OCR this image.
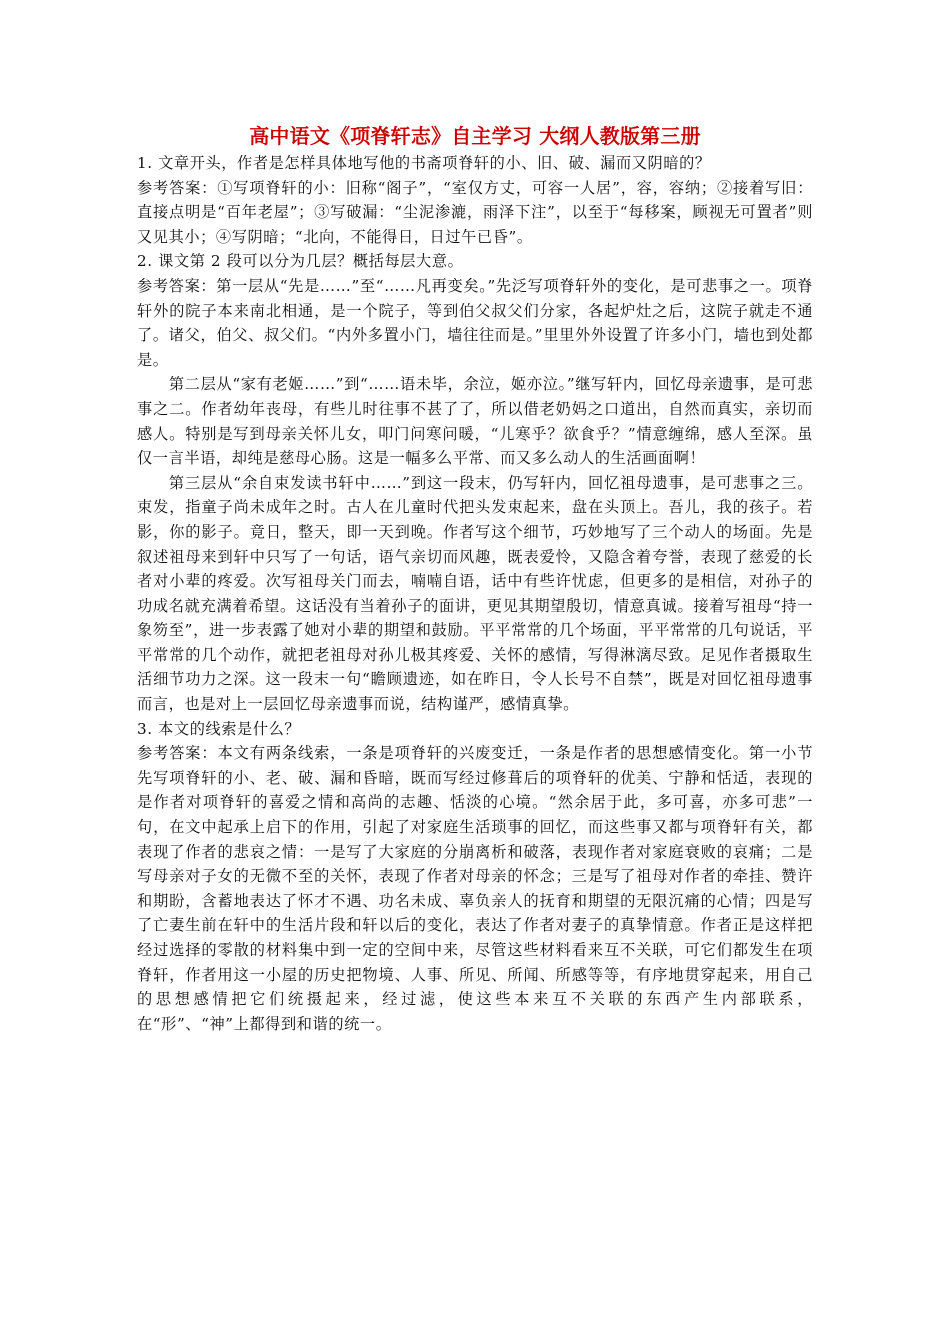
高中语文《项脊轩志》自主学习 大纲人教版第三册

1. 文章开头，作者是怎样具体地写他的书斋项脊轩的小、旧、破、漏而又阴暗的？

参考答案：①写项脊轩的小：旧称“阁子”，“室仅方丈，可容一人居”，容，容纳；②接着写旧：直接点明是“百年老屋”；③写破漏：“尘泥渗漉，雨泽下注”，以至于“每移案，顾视无可置者”则又见其小；④写阴暗；“北向，不能得日，日过午已昏”。

2. 课文第 2 段可以分为几层？概括每层大意。

参考答案：第一层从“先是……”至“……凡再变矣。”先泛写项脊轩外的变化，是可悲事之一。项脊轩外的院子本来南北相通，是一个院子，等到伯父叔父们分家，各起炉灶之后，这院子就走不通了。诸父，伯父、叔父们。“内外多置小门，墙往往而是。”里里外外设置了许多小门，墙也到处都是。

第二层从“家有老姬……”到“……语未毕，余泣，姬亦泣。”继写轩内，回忆母亲遗事，是可悲事之二。作者幼年丧母，有些儿时往事不甚了了，所以借老奶妈之口道出，自然而真实，亲切而感人。特别是写到母亲关怀儿女，叩门问寒问暖，“儿寒乎？欲食乎？”情意缠绵，感人至深。虽仅一言半语，却纯是慈母心肠。这是一幅多么平常、而又多么动人的生活画面啊！

第三层从“余自束发读书轩中……”到这一段末，仍写轩内，回忆祖母遗事，是可悲事之三。束发，指童子尚未成年之时。古人在儿童时代把头发束起来，盘在头顶上。吾儿，我的孩子。若影，你的影子。竟日，整天，即一天到晚。作者写这个细节，巧妙地写了三个动人的场面。先是叙述祖母来到轩中只写了一句话，语气亲切而风趣，既表爱怜，又隐含着夸誉，表现了慈爱的长者对小辈的疼爱。次写祖母关门而去，喃喃自语，话中有些许忧虑，但更多的是相信，对孙子的功成名就充满着希望。这话没有当着孙子的面讲，更见其期望殷切，情意真诚。接着写祖母“持一象笏至”，进一步表露了她对小辈的期望和鼓励。平平常常的几个场面，平平常常的几句说话，平平常常的几个动作，就把老祖母对孙儿极其疼爱、关怀的感情，写得淋漓尽致。足见作者摄取生活细节功力之深。这一段末一句“瞻顾遗迹，如在昨日，令人长号不自禁”，既是对回忆祖母遗事而言，也是对上一层回忆母亲遗事而说，结构谨严，感情真挚。

3. 本文的线索是什么？

参考答案：本文有两条线索，一条是项脊轩的兴废变迁，一条是作者的思想感情变化。第一小节先写项脊轩的小、老、破、漏和昏暗，既而写经过修葺后的项脊轩的优美、宁静和恬适，表现的是作者对项脊轩的喜爱之情和高尚的志趣、恬淡的心境。“然余居于此，多可喜，亦多可悲”一句，在文中起承上启下的作用，引起了对家庭生活琐事的回忆，而这些事又都与项脊轩有关，都表现了作者的悲哀之情：一是写了大家庭的分崩离析和破落，表现作者对家庭衰败的哀痛；二是写母亲对子女的无微不至的关怀，表现了作者对母亲的怀念；三是写了祖母对作者的牵挂、赞许和期盼，含蓄地表达了怀才不遇、功名未成、辜负亲人的抚育和期望的无限沉痛的心情；四是写了亡妻生前在轩中的生活片段和轩以后的变化，表达了作者对妻子的真挚情意。作者正是这样把经过选择的零散的材料集中到一定的空间中来，尽管这些材料看来互不关联，可它们都发生在项脊轩，作者用这一小屋的历史把物境、人事、所见、所闻、所感等等，有序地贯穿起来，用自己的思想感情把它们统摄起来，经过滤，使这些本来互不关联的东西产生内部联系，在“形”、“神”上都得到和谐的统一。
